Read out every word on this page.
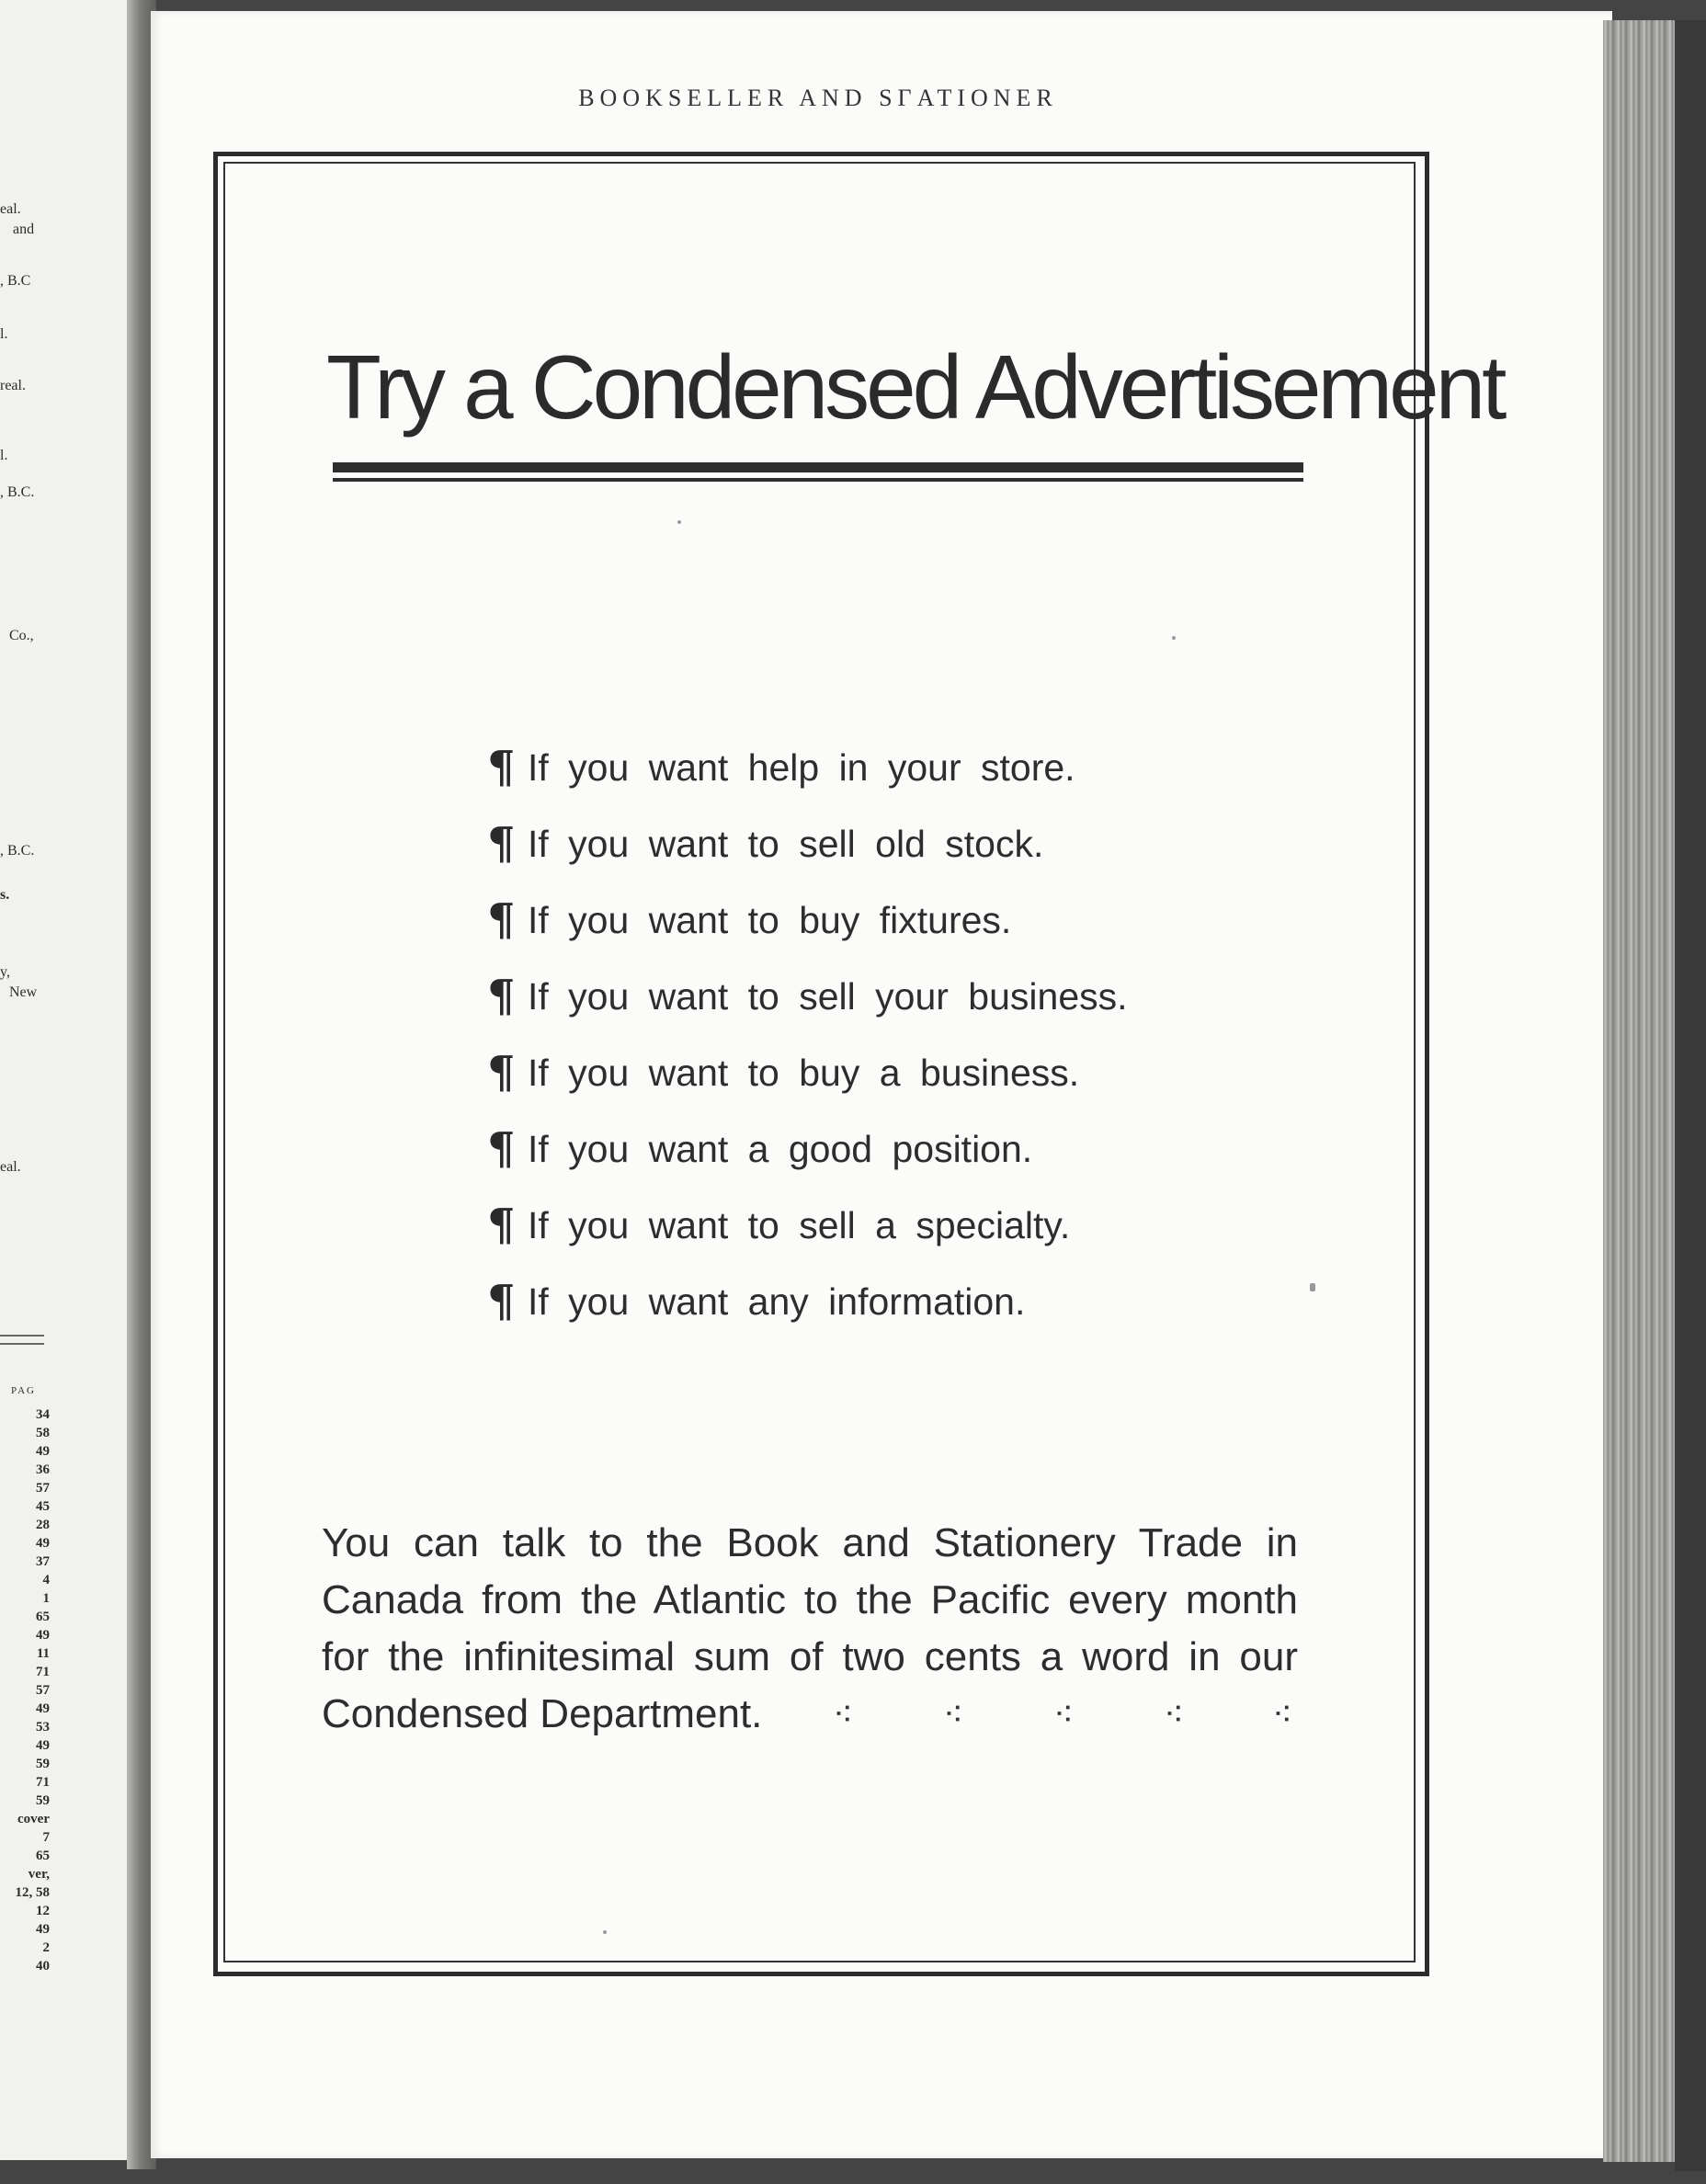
eal.
and
, B.C
l.
real.
l.
, B.C.
Co.,
, B.C.
s.
y,
New
eal.
PAG
34
58
49
36
57
45
28
49
37
4
1
65
49
11
71
57
49
53
49
59
71
59
cover
7
65
ver,
12, 58
12
49
2
40
BOOKSELLER AND SΓATIONER
Try a Condensed Advertisement
¶ If you want help in your store.
¶ If you want to sell old stock.
¶ If you want to buy fixtures.
¶ If you want to sell your business.
¶ If you want to buy a business.
¶ If you want a good position.
¶ If you want to sell a specialty.
¶ If you want any information.
You can talk to the Book and Stationery Trade in
Canada from the Atlantic to the Pacific every month
for the infinitesimal sum of two cents a word in our
Condensed Department. ⁖	⁖	⁖	⁖	⁖
